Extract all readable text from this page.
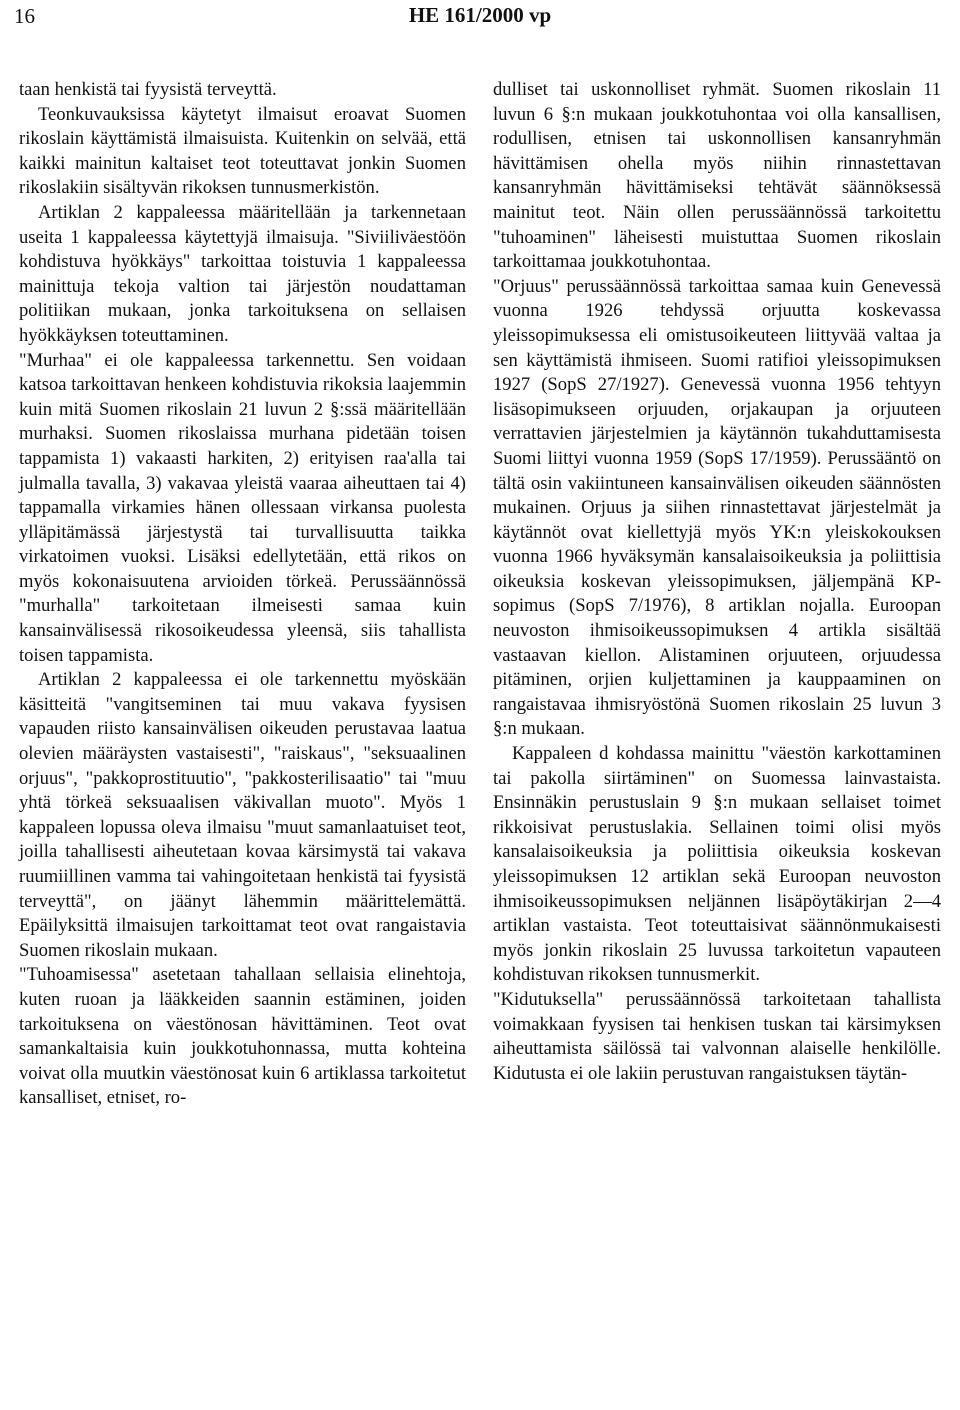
16	HE 161/2000 vp

taan henkistä tai fyysistä terveyttä.

Teonkuvauksissa käytetyt ilmaisut eroavat Suomen rikoslain käyttämistä ilmaisuista. Kuitenkin on selvää, että kaikki mainitun kaltaiset teot toteuttavat jonkin Suomen rikoslakiin sisältyvän rikoksen tunnusmerkistön.

Artiklan 2 kappaleessa määritellään ja tarkennetaan useita 1 kappaleessa käytettyjä ilmaisuja. "Siviiliväestöön kohdistuva hyökkäys" tarkoittaa toistuvia 1 kappaleessa mainittuja tekoja valtion tai järjestön noudattaman politiikan mukaan, jonka tarkoituksena on sellaisen hyökkäyksen toteuttaminen.

"Murhaa" ei ole kappaleessa tarkennettu. Sen voidaan katsoa tarkoittavan henkeen kohdistuvia rikoksia laajemmin kuin mitä Suomen rikoslain 21 luvun 2 §:ssä määritellään murhaksi. Suomen rikoslaissa murhana pidetään toisen tappamista 1) vakaasti harkiten, 2) erityisen raa'alla tai julmalla tavalla, 3) vakavaa yleistä vaaraa aiheuttaen tai 4) tappamalla virkamies hänen ollessaan virkansa puolesta ylläpitämässä järjestystä tai turvallisuutta taikka virkatoimen vuoksi. Lisäksi edellytetään, että rikos on myös kokonaisuutena arvioiden törkeä. Perussäännössä "murhalla" tarkoitetaan ilmeisesti samaa kuin kansainvälisessä rikosoikeudessa yleensä, siis tahallista toisen tappamista.

Artiklan 2 kappaleessa ei ole tarkennettu myöskään käsitteitä "vangitseminen tai muu vakava fyysisen vapauden riisto kansainvälisen oikeuden perustavaa laatua olevien määräysten vastaisesti", "raiskaus", "seksuaalinen orjuus", "pakkoprostituutio", "pakkosterilisaatio" tai "muu yhtä törkeä seksuaalisen väkivallan muoto". Myös 1 kappaleen lopussa oleva ilmaisu "muut samanlaatuiset teot, joilla tahallisesti aiheutetaan kovaa kärsimystä tai vakava ruumiillinen vamma tai vahingoitetaan henkistä tai fyysistä terveyttä", on jäänyt lähemmin määrittelemättä. Epäilyksittä ilmaisujen tarkoittamat teot ovat rangaistavia Suomen rikoslain mukaan.

"Tuhoamisessa" asetetaan tahallaan sellaisia elinehtoja, kuten ruoan ja lääkkeiden saannin estäminen, joiden tarkoituksena on väestönosan hävittäminen. Teot ovat samankaltaisia kuin joukkotuhonnassa, mutta kohteina voivat olla muutkin väestönosat kuin 6 artiklassa tarkoitetut kansalliset, etniset, ro-

dulliset tai uskonnolliset ryhmät. Suomen rikoslain 11 luvun 6 §:n mukaan joukkotuhontaa voi olla kansallisen, rodullisen, etnisen tai uskonnollisen kansanryhmän hävittämisen ohella myös niihin rinnastettavan kansanryhmän hävittämiseksi tehtävät säännöksessä mainitut teot. Näin ollen perussäännössä tarkoitettu "tuhoaminen" läheisesti muistuttaa Suomen rikoslain tarkoittamaa joukkotuhontaa.

"Orjuus" perussäännössä tarkoittaa samaa kuin Genevessä vuonna 1926 tehdyssä orjuutta koskevassa yleissopimuksessa eli omistusoikeuteen liittyvää valtaa ja sen käyttämistä ihmiseen. Suomi ratifioi yleissopimuksen 1927 (SopS 27/1927). Genevessä vuonna 1956 tehtyyn lisäsopimukseen orjuuden, orjakaupan ja orjuuteen verrattavien järjestelmien ja käytännön tukahduttamisesta Suomi liittyi vuonna 1959 (SopS 17/1959). Perussääntö on tältä osin vakiintuneen kansainvälisen oikeuden säännösten mukainen. Orjuus ja siihen rinnastettavat järjestelmät ja käytännöt ovat kiellettyjä myös YK:n yleiskokouksen vuonna 1966 hyväksymän kansalaisoikeuksia ja poliittisia oikeuksia koskevan yleissopimuksen, jäljempänä KP-sopimus (SopS 7/1976), 8 artiklan nojalla. Euroopan neuvoston ihmisoikeussopimuksen 4 artikla sisältää vastaavan kiellon. Alistaminen orjuuteen, orjuudessa pitäminen, orjien kuljettaminen ja kauppaaminen on rangaistavaa ihmisryöstönä Suomen rikoslain 25 luvun 3 §:n mukaan.

Kappaleen d kohdassa mainittu "väestön karkottaminen tai pakolla siirtäminen" on Suomessa lainvastaista. Ensinnäkin perustuslain 9 §:n mukaan sellaiset toimet rikkoisivat perustuslakia. Sellainen toimi olisi myös kansalaisoikeuksia ja poliittisia oikeuksia koskevan yleissopimuksen 12 artiklan sekä Euroopan neuvoston ihmisoikeussopimuksen neljännen lisäpöytäkirjan 2—4 artiklan vastaista. Teot toteuttaisivat säännönmukaisesti myös jonkin rikoslain 25 luvussa tarkoitetun vapauteen kohdistuvan rikoksen tunnusmerkit.

"Kidutuksella" perussäännössä tarkoitetaan tahallista voimakkaan fyysisen tai henkisen tuskan tai kärsimyksen aiheuttamista säilössä tai valvonnan alaiselle henkilölle. Kidutusta ei ole lakiin perustuvan rangaistuksen täytän-
